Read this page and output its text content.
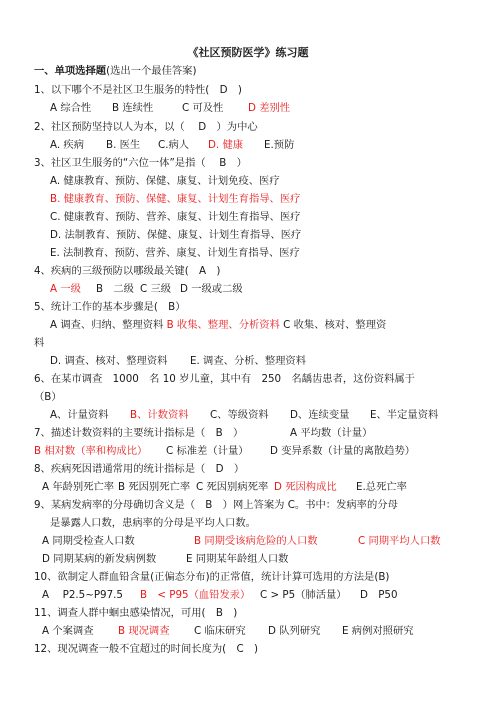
《社区预防医学》练习题
一、单项选择题(选出一个最佳答案)
1、以下哪个不是社区卫生服务的特性(　D　)
A 综合性 B 连续性	C 可及性 D 差别性
2、社区预防坚持以人为本，以（　 D　）为中心
A. 疾病 B. 医生 C.病人 D. 健康 E.预防
3、社区卫生服务的“六位一体”是指（　 B　）
A. 健康教育、预防、保健、康复、计划免疫、医疗
B. 健康教育、预防、保健、康复、计划生育指导、医疗
C. 健康教育、预防、营养、康复、计划生育指导、医疗
D. 法制教育、预防、保健、康复、计划生育指导、医疗
E. 法制教育、预防、营养、康复、计划生育指导、医疗
4、疾病的三级预防以哪级最关键(　A　)
A 一级 B　二级 C 三级 D 一级或二级
5、统计工作的基本步骤是(　B）
A 调查、归纳、整理资料 B 收集、整理、分析资料 C 收集、核对、整理资
料
D. 调查、核对、整理资料 E. 调查、分析、整理资料
6、在某市调查　1000　名 10 岁儿童，其中有　250　名龋齿患者，这份资料属于
（B）
A、计量资料 B、计数资料 C、等级资料 D、连续变量 E、半定量资料
7、描述计数资料的主要统计指标是（　B　）	A 平均数（计量）
B 相对数（率和构成比） C 标准差（计量） D 变异系数（计量的离散趋势）
8、疾病死因谱通常用的统计指标是（　D　）
A 年龄别死亡率 B 死因别死亡率 C 死因别病死率 D 死因构成比 E.总死亡率
9、某病发病率的分母确切含义是（　B　）网上答案为 C。书中：发病率的分母
是暴露人口数，患病率的分母是平均人口数。
A 同期受检查人口数	B 同期受该病危险的人口数	C 同期平均人口数
D 同期某病的新发病例数	E 同期某年龄组人口数
10、欲制定人群血铅含量(正偏态分布)的正常值，统计计算可选用的方法是(B)
A　 P2.5~P97.5 B　< P95（血铅发汞） C > P5（肺活量） D　P50
11、调查人群中蛔虫感染情况，可用(　B　)
A 个案调查 B 现况调查 C 临床研究 D 队列研究 E 病例对照研究
12、现况调查一般不宜超过的时间长度为(　C　)
